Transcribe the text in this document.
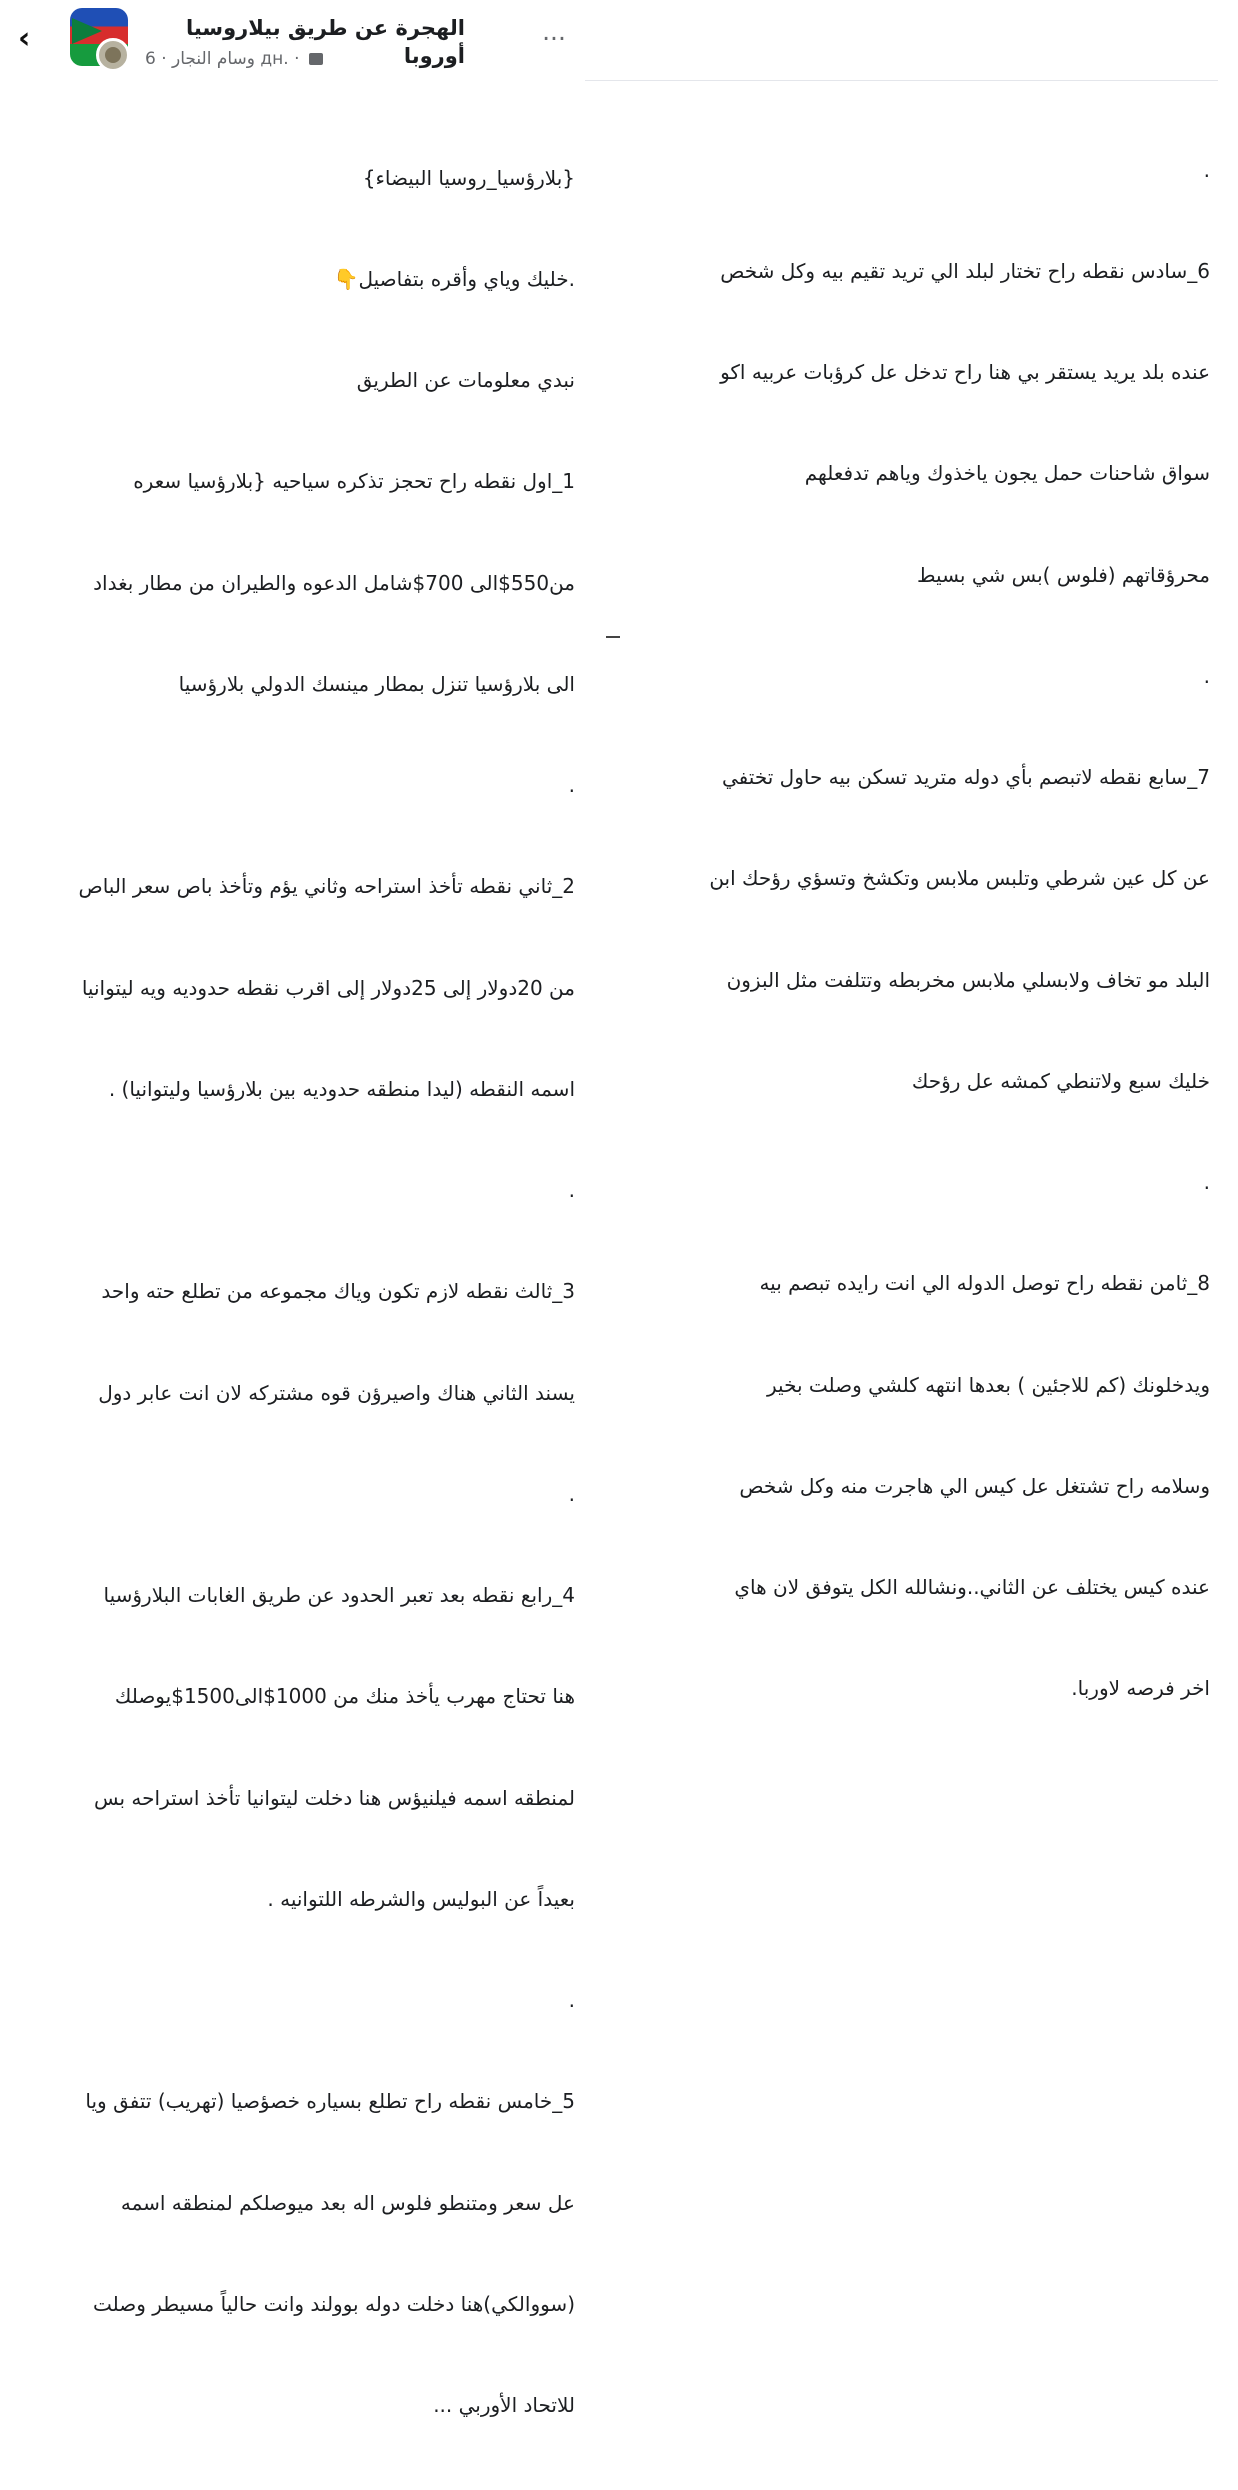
‹	الهجرة عن طريق بيلاروسيا أوروبا
وسام النجار · 6 дн. ·
...

{بلارؤسيا_روسيا البيضاء}

.خليك وياي وأقره بتفاصيل👇

نبدي معلومات عن الطريق

1_اول نقطه راح تحجز تذكره سياحيه {بلارؤسيا سعره

من550$الى 700$شامل الدعوه والطيران من مطار بغداد

الى بلارؤسيا تنزل بمطار مينسك الدولي بلارؤسيا

.

2_ثاني نقطه تأخذ استراحه وثاني يؤم وتأخذ باص سعر الباص

من 20دولار إلى 25دولار إلى اقرب نقطه حدوديه ويه ليتوانيا

اسمه النقطه (ليدا منطقه حدوديه بين بلارؤسيا وليتوانيا) .

.

3_ثالث نقطه لازم تكون وياك مجموعه من تطلع حته واحد

يسند الثاني هناك واصيرؤن قوه مشتركه لان انت عابر دول

.

4_رابع نقطه بعد تعبر الحدود عن طريق الغابات البلارؤسيا

هنا تحتاج مهرب يأخذ منك من 1000$الى1500$يوصلك

لمنطقه اسمه فيلنيؤس هنا دخلت ليتوانيا تأخذ استراحه بس

بعيداً عن البوليس والشرطه اللتوانيه .

.

5_خامس نقطه راح تطلع بسياره خصؤصيا (تهريب) تتفق ويا

عل سعر ومتنطو فلوس اله بعد ميوصلكم لمنطقه اسمه

(سووالكي)هنا دخلت دوله بوولند وانت حالياً مسيطر وصلت

للاتحاد الأوربي ...

.

6_سادس نقطه راح تختار لبلد الي تريد تقيم بيه وكل شخص

عنده بلد يريد يستقر بي هنا راح تدخل عل كرؤبات عربيه اكو

سواق شاحنات حمل يجون ياخذوك وياهم تدفعلهم

محرؤقاتهم (فلوس )بس شي بسيط

.

7_سابع نقطه لاتبصم بأي دوله متريد تسكن بيه حاول تختفي

عن كل عين شرطي وتلبس ملابس وتكشخ وتسؤي رؤحك ابن

البلد مو تخاف ولابسلي ملابس مخربطه وتتلفت مثل البزون

خليك سبع ولاتنطي كمشه عل رؤحك

.

8_ثامن نقطه راح توصل الدوله الي انت رايده تبصم بيه

ويدخلونك (كم للاجئين ) بعدها انتهه كلشي وصلت بخير

وسلامه راح تشتغل عل كيس الي هاجرت منه وكل شخص

عنده كيس يختلف عن الثاني..ونشالله الكل يتوفق لان هاي

اخر فرصه لاوربا.
